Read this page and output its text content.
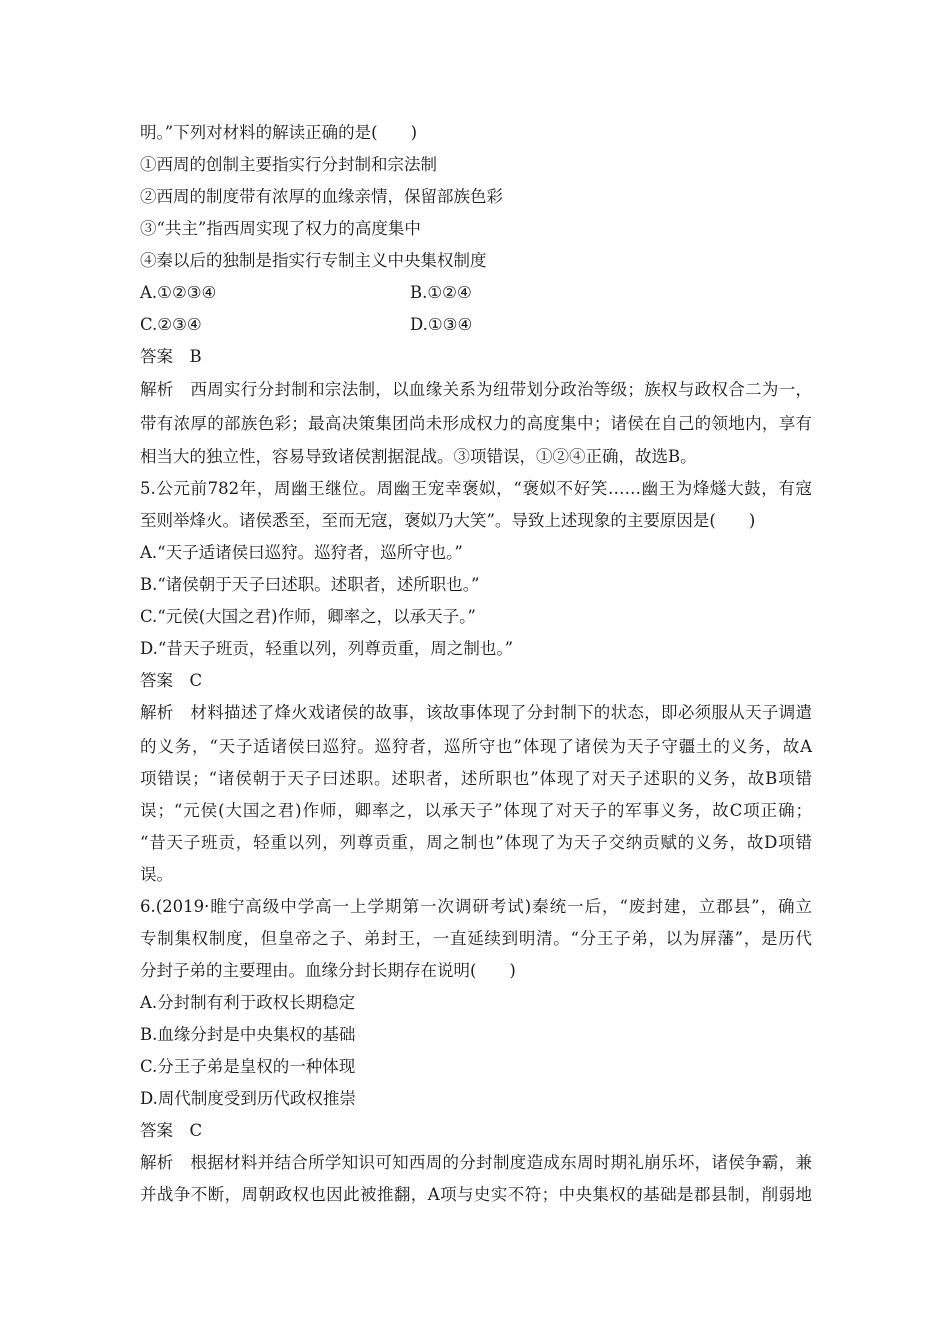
明。”下列对材料的解读正确的是(　　)
①西周的创制主要指实行分封制和宗法制
②西周的制度带有浓厚的血缘亲情，保留部族色彩
③“共主”指西周实现了权力的高度集中
④秦以后的独制是指实行专制主义中央集权制度
A.①②③④	B.①②④
C.②③④	D.①③④
答案　B
解析　西周实行分封制和宗法制，以血缘关系为纽带划分政治等级；族权与政权合二为一，
带有浓厚的部族色彩；最高决策集团尚未形成权力的高度集中；诸侯在自己的领地内，享有
相当大的独立性，容易导致诸侯割据混战。③项错误，①②④正确，故选B。
5.公元前782年，周幽王继位。周幽王宠幸褒姒，“褒姒不好笑……幽王为烽燧大鼓，有寇
至则举烽火。诸侯悉至，至而无寇，褒姒乃大笑”。导致上述现象的主要原因是(　　)
A.“天子适诸侯曰巡狩。巡狩者，巡所守也。”
B.“诸侯朝于天子曰述职。述职者，述所职也。”
C.“元侯(大国之君)作师，卿率之，以承天子。”
D.“昔天子班贡，轻重以列，列尊贡重，周之制也。”
答案　C
解析　材料描述了烽火戏诸侯的故事，该故事体现了分封制下的状态，即必须服从天子调遣
的义务，“天子适诸侯曰巡狩。巡狩者，巡所守也”体现了诸侯为天子守疆土的义务，故A
项错误；“诸侯朝于天子曰述职。述职者，述所职也”体现了对天子述职的义务，故B项错
误；“元侯(大国之君)作师，卿率之，以承天子”体现了对天子的军事义务，故C项正确；
“昔天子班贡，轻重以列，列尊贡重，周之制也”体现了为天子交纳贡赋的义务，故D项错
误。
6.(2019·睢宁高级中学高一上学期第一次调研考试)秦统一后，“废封建，立郡县”，确立
专制集权制度，但皇帝之子、弟封王，一直延续到明清。“分王子弟，以为屏藩”，是历代
分封子弟的主要理由。血缘分封长期存在说明(　　)
A.分封制有利于政权长期稳定
B.血缘分封是中央集权的基础
C.分王子弟是皇权的一种体现
D.周代制度受到历代政权推崇
答案　C
解析　根据材料并结合所学知识可知西周的分封制度造成东周时期礼崩乐坏，诸侯争霸，兼
并战争不断，周朝政权也因此被推翻，A项与史实不符；中央集权的基础是郡县制，削弱地
